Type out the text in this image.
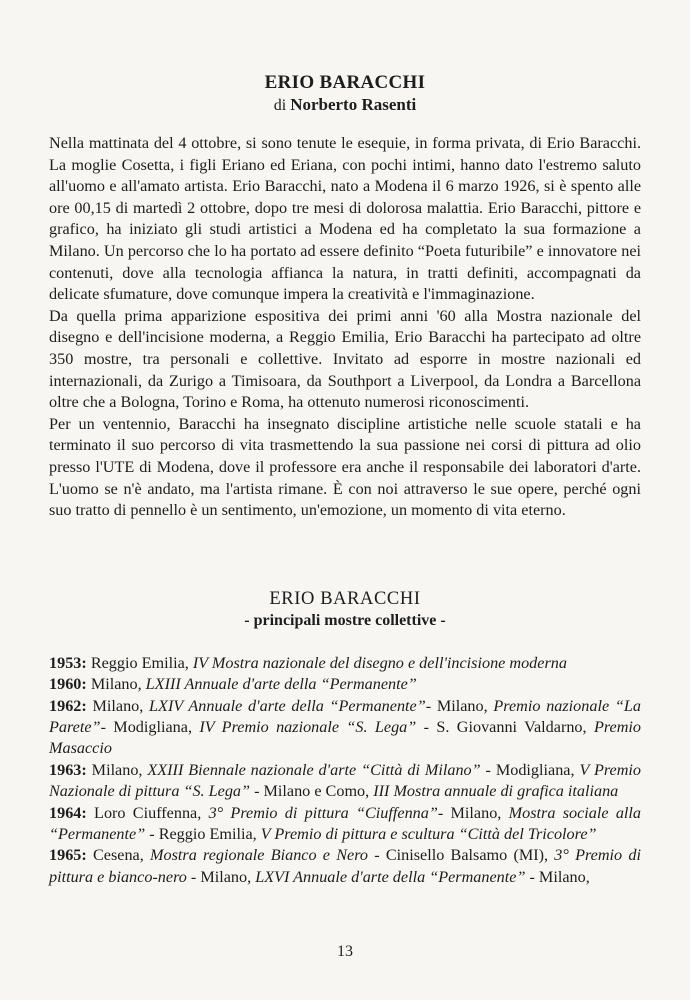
ERIO BARACCHI
di Norberto Rasenti

Nella mattinata del 4 ottobre, si sono tenute le esequie, in forma privata, di Erio Baracchi. La moglie Cosetta, i figli Eriano ed Eriana, con pochi intimi, hanno dato l'estremo saluto all'uomo e all'amato artista. Erio Baracchi, nato a Modena il 6 marzo 1926, si è spento alle ore 00,15 di martedì 2 ottobre, dopo tre mesi di dolorosa malattia. Erio Baracchi, pittore e grafico, ha iniziato gli studi artistici a Modena ed ha completato la sua formazione a Milano. Un percorso che lo ha portato ad essere definito “Poeta futuribile” e innovatore nei contenuti, dove alla tecnologia affianca la natura, in tratti definiti, accompagnati da delicate sfumature, dove comunque impera la creatività e l'immaginazione.

Da quella prima apparizione espositiva dei primi anni '60 alla Mostra nazionale del disegno e dell'incisione moderna, a Reggio Emilia, Erio Baracchi ha partecipato ad oltre 350 mostre, tra personali e collettive. Invitato ad esporre in mostre nazionali ed internazionali, da Zurigo a Timisoara, da Southport a Liverpool, da Londra a Barcellona oltre che a Bologna, Torino e Roma, ha ottenuto numerosi riconoscimenti.

Per un ventennio, Baracchi ha insegnato discipline artistiche nelle scuole statali e ha terminato il suo percorso di vita trasmettendo la sua passione nei corsi di pittura ad olio presso l'UTE di Modena, dove il professore era anche il responsabile dei laboratori d'arte. L'uomo se n'è andato, ma l'artista rimane. È con noi attraverso le sue opere, perché ogni suo tratto di pennello è un sentimento, un'emozione, un momento di vita eterno.

ERIO BARACCHI
- principali mostre collettive -

1953: Reggio Emilia, IV Mostra nazionale del disegno e dell'incisione moderna

1960: Milano, LXIII Annuale d'arte della “Permanente”

1962: Milano, LXIV Annuale d'arte della “Permanente”- Milano, Premio nazionale “La Parete”- Modigliana, IV Premio nazionale “S. Lega” - S. Giovanni Valdarno, Premio Masaccio

1963: Milano, XXIII Biennale nazionale d'arte “Città di Milano” - Modigliana, V Premio Nazionale di pittura “S. Lega” - Milano e Como, III Mostra annuale di grafica italiana

1964: Loro Ciuffenna, 3° Premio di pittura “Ciuffenna”- Milano, Mostra sociale alla “Permanente” - Reggio Emilia, V Premio di pittura e scultura “Città del Tricolore”

1965: Cesena, Mostra regionale Bianco e Nero - Cinisello Balsamo (MI), 3° Premio di pittura e bianco-nero - Milano, LXVI Annuale d'arte della “Permanente” - Milano,

13
